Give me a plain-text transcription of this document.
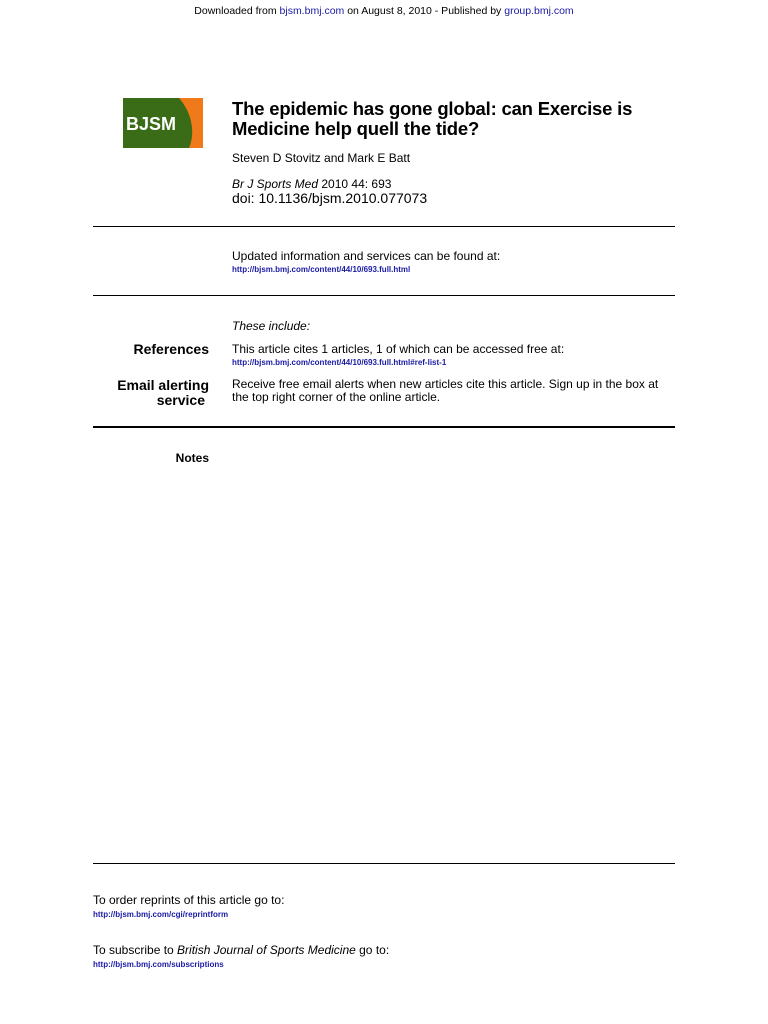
Downloaded from bjsm.bmj.com on August 8, 2010 - Published by group.bmj.com
BJSM
The epidemic has gone global: can Exercise is Medicine help quell the tide?
Steven D Stovitz and Mark E Batt
Br J Sports Med 2010 44: 693
doi: 10.1136/bjsm.2010.077073
Updated information and services can be found at:
http://bjsm.bmj.com/content/44/10/693.full.html
These include:
References This article cites 1 articles, 1 of which can be accessed free at:
http://bjsm.bmj.com/content/44/10/693.full.html#ref-list-1
Email alerting
service
Receive free email alerts when new articles cite this article. Sign up in the box at the top right corner of the online article.
Notes
To order reprints of this article go to:
http://bjsm.bmj.com/cgi/reprintform
To subscribe to British Journal of Sports Medicine go to:
http://bjsm.bmj.com/subscriptions
